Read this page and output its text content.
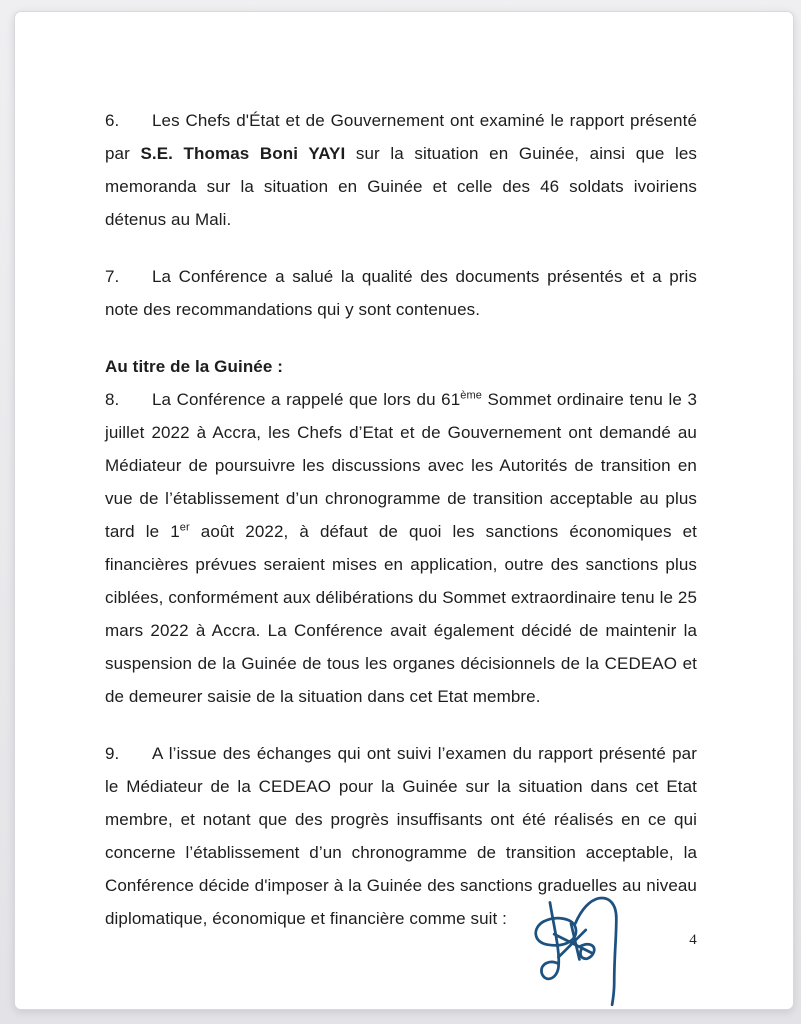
6. Les Chefs d'État et de Gouvernement ont examiné le rapport présenté par S.E. Thomas Boni YAYI sur la situation en Guinée, ainsi que les memoranda sur la situation en Guinée et celle des 46 soldats ivoiriens détenus au Mali.
7. La Conférence a salué la qualité des documents présentés et a pris note des recommandations qui y sont contenues.
Au titre de la Guinée :
8. La Conférence a rappelé que lors du 61ème Sommet ordinaire tenu le 3 juillet 2022 à Accra, les Chefs d’Etat et de Gouvernement ont demandé au Médiateur de poursuivre les discussions avec les Autorités de transition en vue de l’établissement d’un chronogramme de transition acceptable au plus tard le 1er août 2022, à défaut de quoi les sanctions économiques et financières prévues seraient mises en application, outre des sanctions plus ciblées, conformément aux délibérations du Sommet extraordinaire tenu le 25 mars 2022 à Accra. La Conférence avait également décidé de maintenir la suspension de la Guinée de tous les organes décisionnels de la CEDEAO et de demeurer saisie de la situation dans cet Etat membre.
9. A l’issue des échanges qui ont suivi l’examen du rapport présenté par le Médiateur de la CEDEAO pour la Guinée sur la situation dans cet Etat membre, et notant que des progrès insuffisants ont été réalisés en ce qui concerne l’établissement d’un chronogramme de transition acceptable, la Conférence décide d'imposer à la Guinée des sanctions graduelles au niveau diplomatique, économique et financière comme suit :
4
